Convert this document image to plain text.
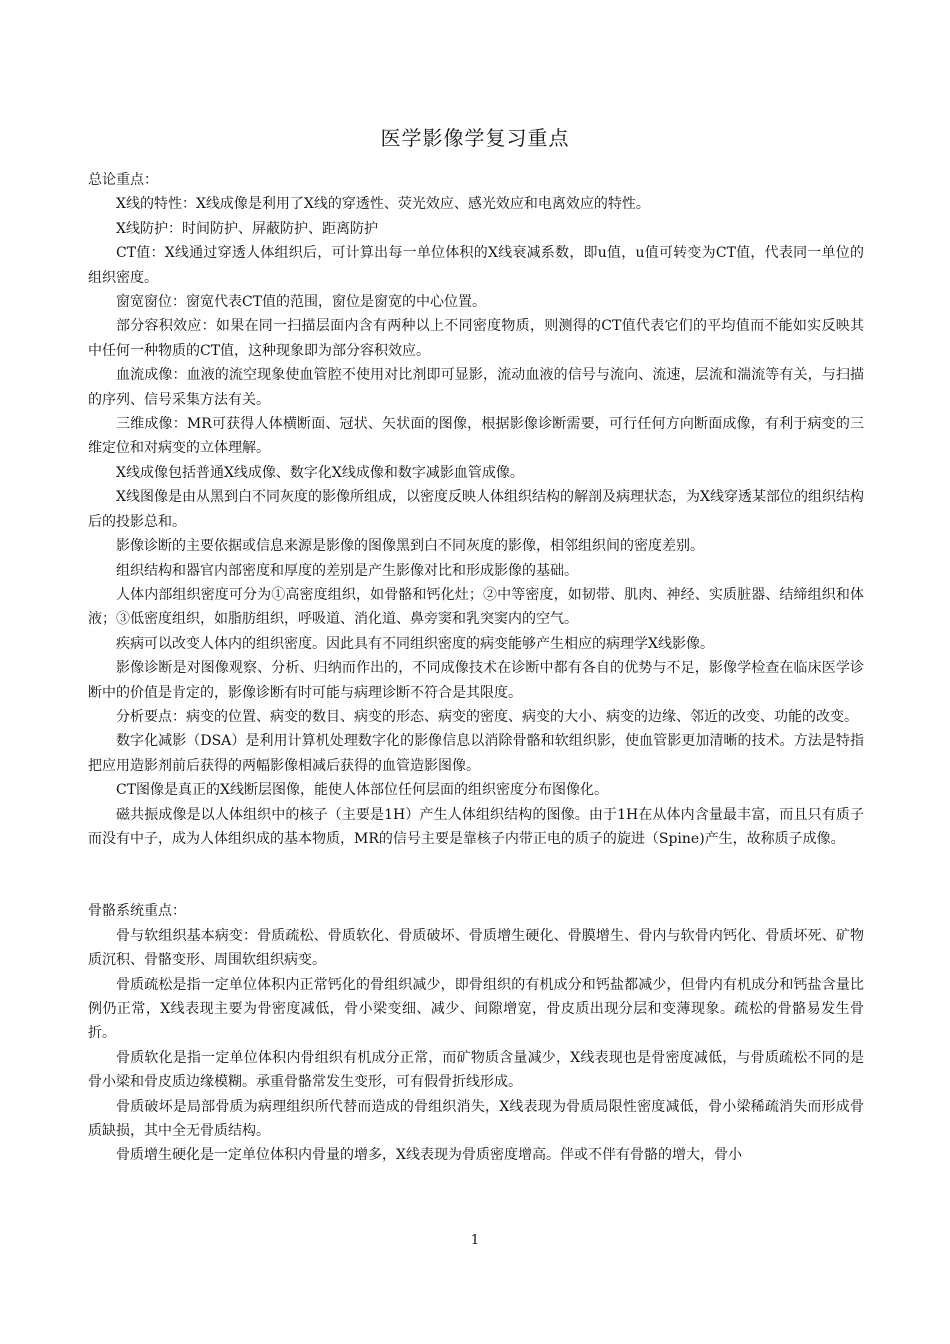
医学影像学复习重点

总论重点：

X线的特性：X线成像是利用了X线的穿透性、荧光效应、感光效应和电离效应的特性。

X线防护：时间防护、屏蔽防护、距离防护

CT值：X线通过穿透人体组织后，可计算出每一单位体积的X线衰减系数，即u值，u值可转变为CT值，代表同一单位的组织密度。

窗宽窗位：窗宽代表CT值的范围，窗位是窗宽的中心位置。

部分容积效应：如果在同一扫描层面内含有两种以上不同密度物质，则测得的CT值代表它们的平均值而不能如实反映其中任何一种物质的CT值，这种现象即为部分容积效应。

血流成像：血液的流空现象使血管腔不使用对比剂即可显影，流动血液的信号与流向、流速，层流和湍流等有关，与扫描的序列、信号采集方法有关。

三维成像：MR可获得人体横断面、冠状、矢状面的图像，根据影像诊断需要，可行任何方向断面成像，有利于病变的三维定位和对病变的立体理解。

X线成像包括普通X线成像、数字化X线成像和数字减影血管成像。

X线图像是由从黑到白不同灰度的影像所组成，以密度反映人体组织结构的解剖及病理状态，为X线穿透某部位的组织结构后的投影总和。

影像诊断的主要依据或信息来源是影像的图像黑到白不同灰度的影像，相邻组织间的密度差别。

组织结构和器官内部密度和厚度的差别是产生影像对比和形成影像的基础。

人体内部组织密度可分为①高密度组织，如骨骼和钙化灶；②中等密度，如韧带、肌肉、神经、实质脏器、结缔组织和体液；③低密度组织，如脂肪组织，呼吸道、消化道、鼻旁窦和乳突窦内的空气。

疾病可以改变人体内的组织密度。因此具有不同组织密度的病变能够产生相应的病理学X线影像。

影像诊断是对图像观察、分析、归纳而作出的，不同成像技术在诊断中都有各自的优势与不足，影像学检查在临床医学诊断中的价值是肯定的，影像诊断有时可能与病理诊断不符合是其限度。

分析要点：病变的位置、病变的数目、病变的形态、病变的密度、病变的大小、病变的边缘、邻近的改变、功能的改变。

数字化减影（DSA）是利用计算机处理数字化的影像信息以消除骨骼和软组织影，使血管影更加清晰的技术。方法是特指把应用造影剂前后获得的两幅影像相减后获得的血管造影图像。

CT图像是真正的X线断层图像，能使人体部位任何层面的组织密度分布图像化。

磁共振成像是以人体组织中的核子（主要是1H）产生人体组织结构的图像。由于1H在从体内含量最丰富，而且只有质子而没有中子，成为人体组织成的基本物质，MR的信号主要是靠核子内带正电的质子的旋进（Spine)产生，故称质子成像。

骨骼系统重点：

骨与软组织基本病变：骨质疏松、骨质软化、骨质破坏、骨质增生硬化、骨膜增生、骨内与软骨内钙化、骨质坏死、矿物质沉积、骨骼变形、周围软组织病变。

骨质疏松是指一定单位体积内正常钙化的骨组织减少，即骨组织的有机成分和钙盐都减少，但骨内有机成分和钙盐含量比例仍正常，X线表现主要为骨密度减低，骨小梁变细、减少、间隙增宽，骨皮质出现分层和变薄现象。疏松的骨骼易发生骨折。

骨质软化是指一定单位体积内骨组织有机成分正常，而矿物质含量减少，X线表现也是骨密度减低，与骨质疏松不同的是骨小梁和骨皮质边缘模糊。承重骨骼常发生变形，可有假骨折线形成。

骨质破坏是局部骨质为病理组织所代替而造成的骨组织消失，X线表现为骨质局限性密度减低，骨小梁稀疏消失而形成骨质缺损，其中全无骨质结构。

骨质增生硬化是一定单位体积内骨量的增多，X线表现为骨质密度增高。伴或不伴有骨骼的增大，骨小

1
